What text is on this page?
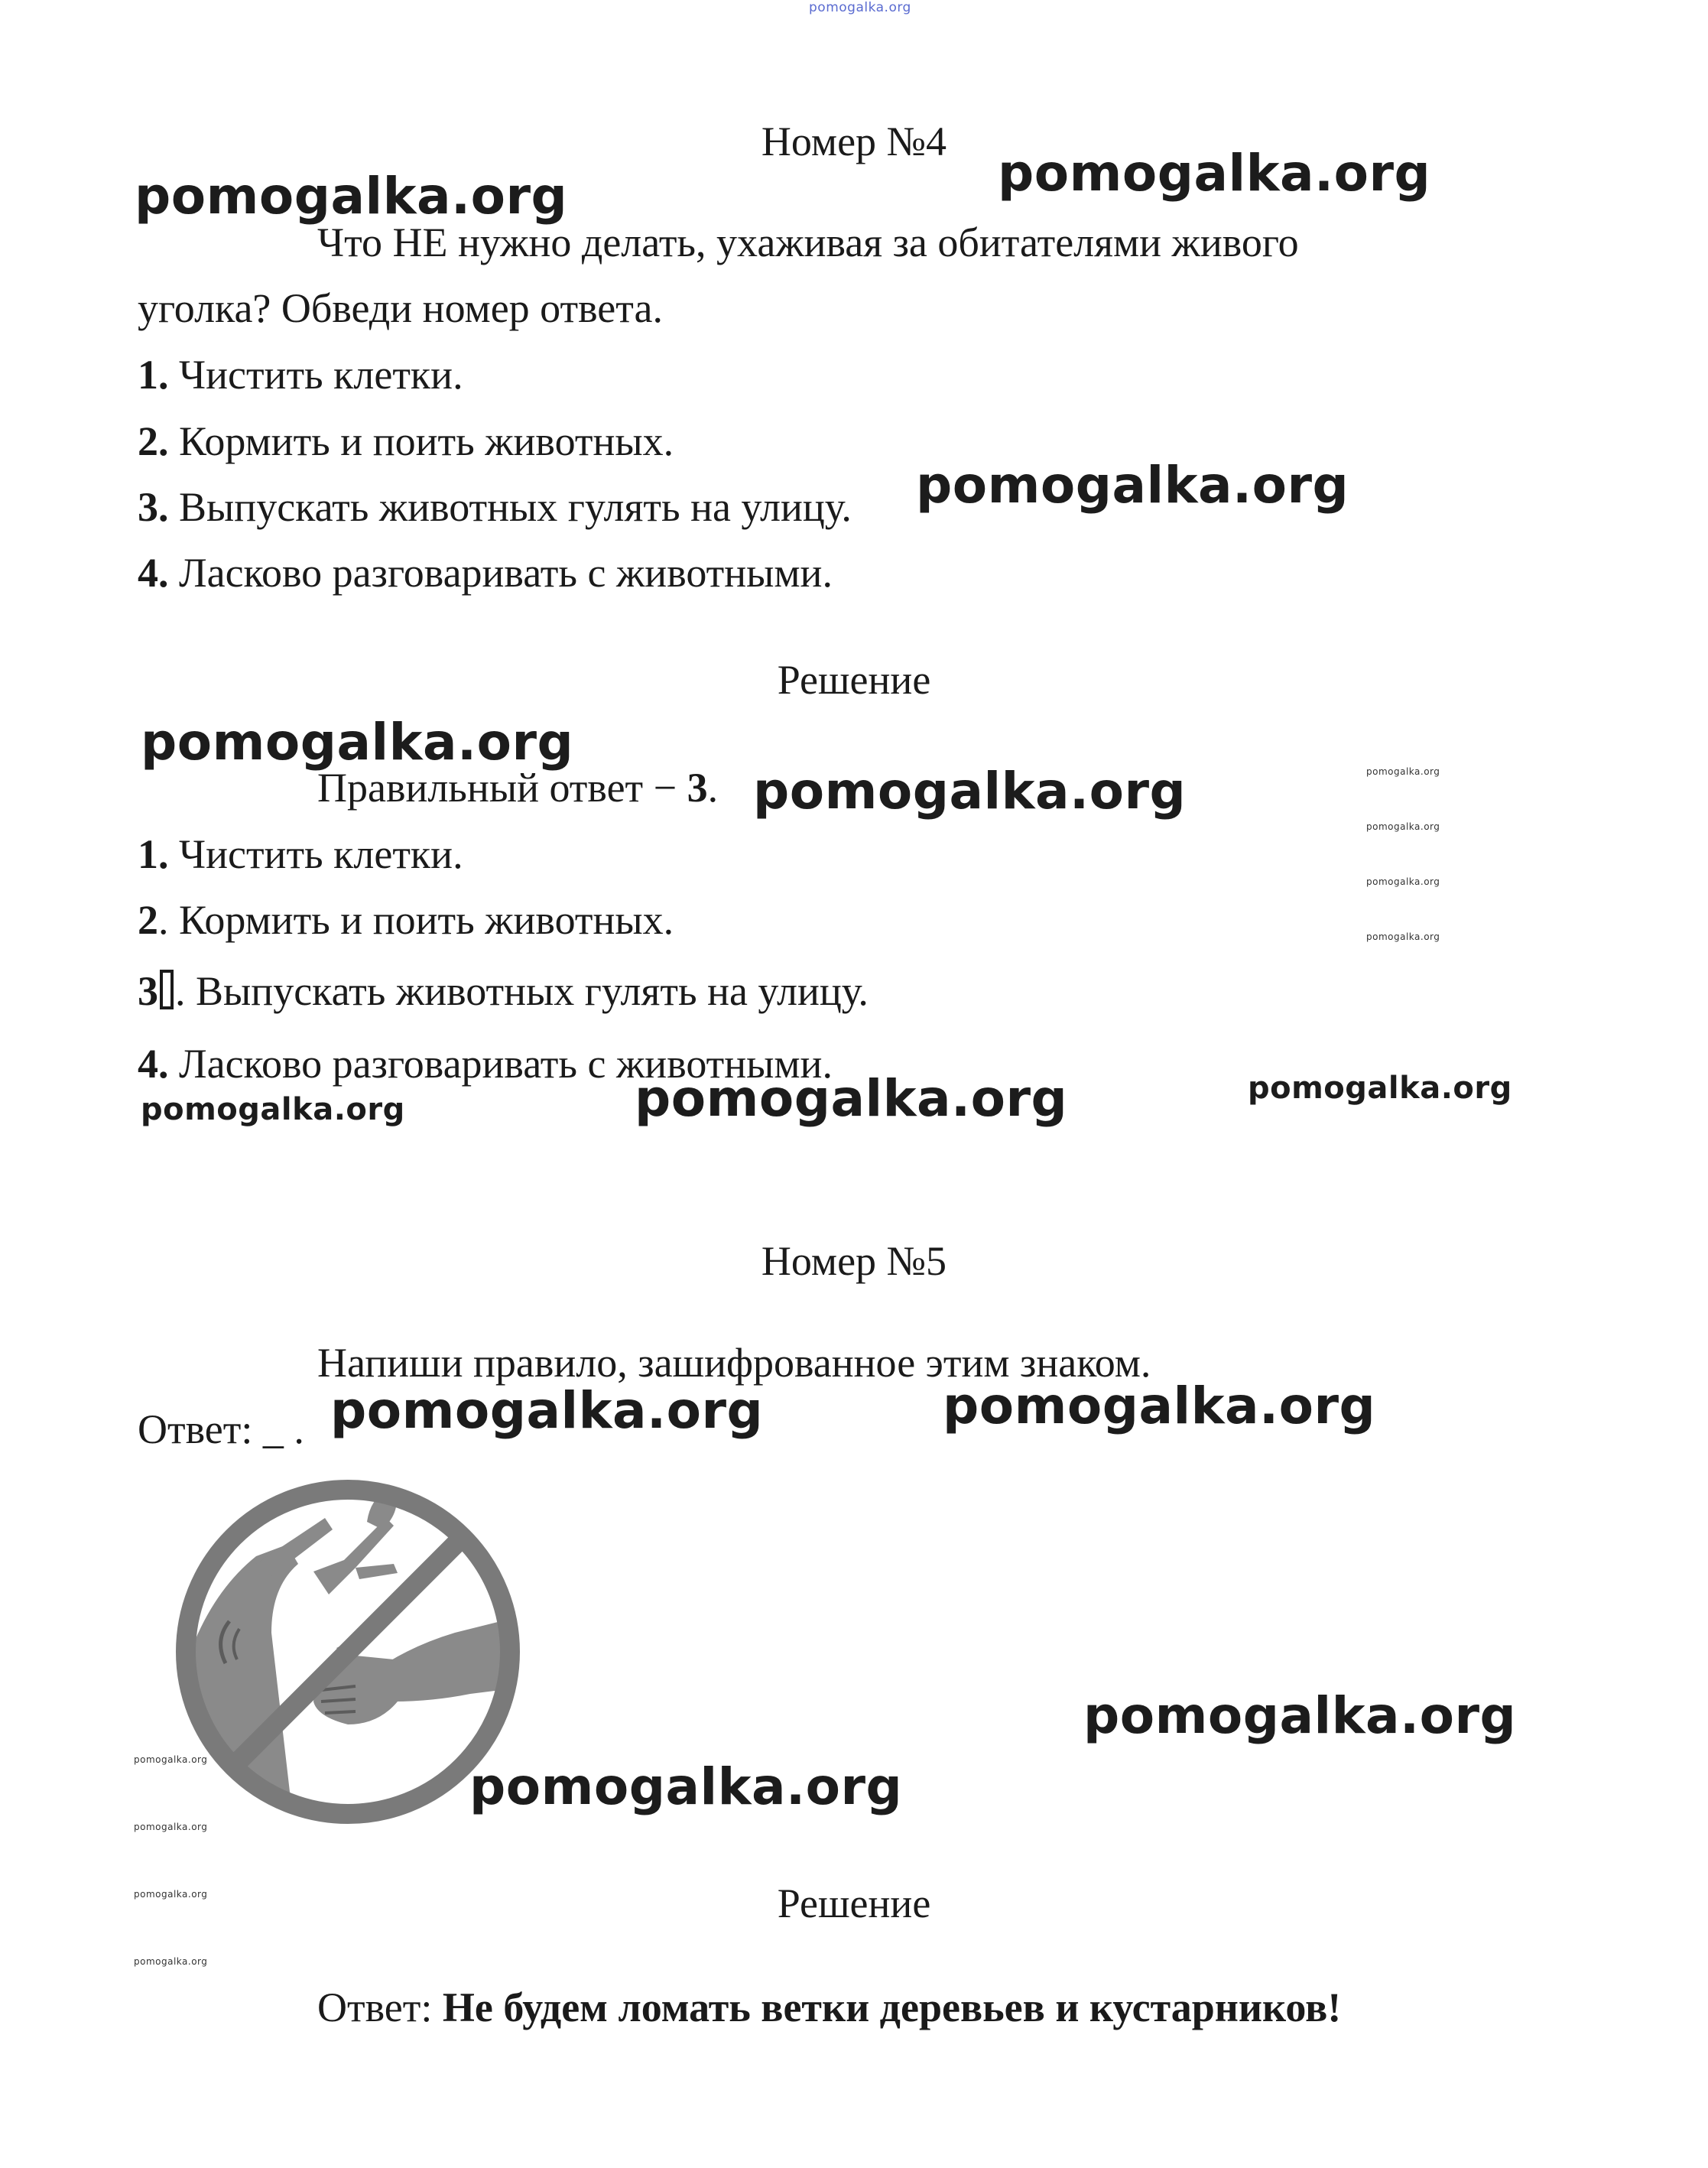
pomogalka.org
Номер №4
Что НЕ нужно делать, ухаживая за обитателями живого
уголка? Обведи номер ответа.
1. Чистить клетки.
2. Кормить и поить животных.
3. Выпускать животных гулять на улицу.
4. Ласково разговаривать с животными.
Решение
Правильный ответ − 3.
1. Чистить клетки.
2. Кормить и поить животных.
3 . Выпускать животных гулять на улицу.
4. Ласково разговаривать с животными.
Номер №5
Напиши правило, зашифрованное этим знаком.
Ответ: _ .
Решение
Ответ: Не будем ломать ветки деревьев и кустарников!
pomogalka.org	pomogalka.org
pomogalka.org
pomogalka.org
pomogalka.org
pomogalka.org	pomogalka.org	pomogalka.org
pomogalka.org	pomogalka.org
pomogalka.org
pomogalka.org
pomogalka.org
pomogalka.org
pomogalka.org
pomogalka.org
pomogalka.org
pomogalka.org
pomogalka.org
pomogalka.org
